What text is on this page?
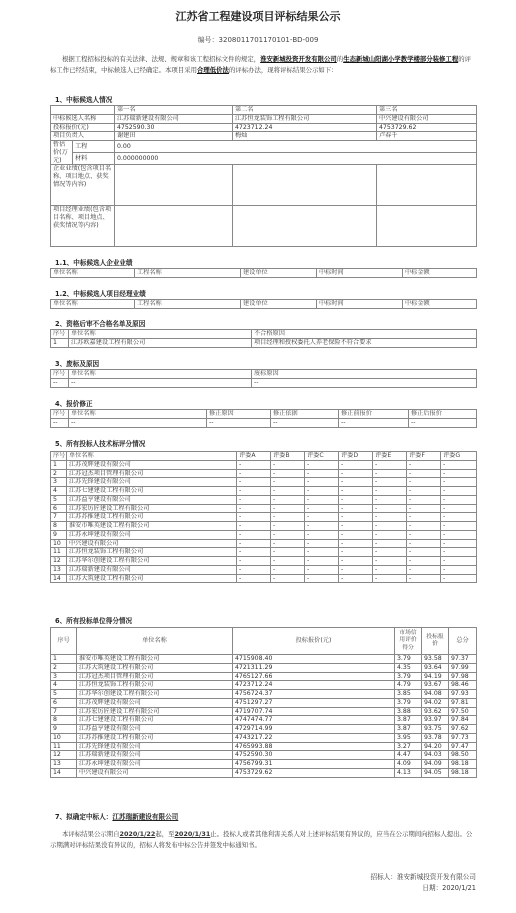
江苏省工程建设项目评标结果公示
编号：3208011701170101-BD-009
根据工程招标投标的有关法律、法规、规章和该工程招标文件的规定，淮安新城投资开发有限公司的生态新城山阳湖小学教学楼部分装修工程的评标工作已经结束，中标候选人已经确定。本项目采用合理低价法的评标办法，现将评标结果公示如下：
1、中标候选人情况
		第一名	第二名	第三名
中标候选人名称		江苏瑞新建设有限公司	江苏恒龙装饰工程有限公司	中兴建设有限公司
投标报价(元)		4752590.30	4723712.24	4753729.62
项目负责人		谢建田	梅灿	卢春千
暂估价(万元)	工程	0.00		
	材料	0.000000000		
企业业绩(包含项目名称、项目地点、获奖情况等内容)				
项目经理业绩(包含项目名称、项目地点、获奖情况等内容)				
1.1、中标候选人企业业绩
单位名称	工程名称	建设单位	中标时间	中标金额
1.2、中标候选人项目经理业绩
单位名称	工程名称	建设单位	中标时间	中标金额
2、资格后审不合格名单及原因
序号	单位名称	不合格原因
1	江苏欧嘉建设工程有限公司	项目经理和授权委托人养老保险不符合要求
3、废标及原因
序号	单位名称	废标原因
--	--	--
4、报价修正
序号	单位名称	修正原因	修正依据	修正前报价	修正后报价
--	--	--	--	--	--
5、所有投标人技术标评分情况
序号	单位名称	评委A	评委B	评委C	评委D	评委E	评委F	评委G
1	江苏茂辉建设有限公司	-	-	-	-	-	-	-
2	江苏冠杰项目管理有限公司	-	-	-	-	-	-	-
3	江苏先锋建设有限公司	-	-	-	-	-	-	-
4	江苏七建建设工程有限公司	-	-	-	-	-	-	-
5	江苏益亨建设有限公司	-	-	-	-	-	-	-
6	江苏宏厉匠建设工程有限公司	-	-	-	-	-	-	-
7	江苏苏推建设工程有限公司	-	-	-	-	-	-	-
8	淮安市唯英建设工程有限公司	-	-	-	-	-	-	-
9	江苏永坤建设有限公司	-	-	-	-	-	-	-
10	中兴建设有限公司	-	-	-	-	-	-	-
11	江苏恒龙装饰工程有限公司	-	-	-	-	-	-	-
12	江苏华尔创建设工程有限公司	-	-	-	-	-	-	-
13	江苏瑞新建设有限公司	-	-	-	-	-	-	-
14	江苏大筑建设工程有限公司	-	-	-	-	-	-	-
6、所有投标单位得分情况
序号	单位名称	投标报价(元)	市场信用评价得分	投标报价	总分
1	淮安市唯英建设工程有限公司	4715908.40	3.79	93.58	97.37
2	江苏大筑建设工程有限公司	4721311.29	4.35	93.64	97.99
3	江苏冠杰项目管理有限公司	4765127.66	3.79	94.19	97.98
4	江苏恒龙装饰工程有限公司	4723712.24	4.79	93.67	98.46
5	江苏华尔创建设工程有限公司	4756724.37	3.85	94.08	97.93
6	江苏茂辉建设有限公司	4751297.27	3.79	94.02	97.81
7	江苏宏厉匠建设工程有限公司	4719707.74	3.88	93.62	97.50
8	江苏七建建设工程有限公司	4747474.77	3.87	93.97	97.84
9	江苏益亨建设有限公司	4729714.99	3.87	93.75	97.62
10	江苏苏推建设工程有限公司	4743217.22	3.95	93.78	97.73
11	江苏先锋建设有限公司	4765993.88	3.27	94.20	97.47
12	江苏瑞新建设有限公司	4752590.30	4.47	94.03	98.50
13	江苏永坤建设有限公司	4756799.31	4.09	94.09	98.18
14	中兴建设有限公司	4753729.62	4.13	94.05	98.18
7、拟确定中标人：江苏瑞新建设有限公司
本评标结果公示期自2020/1/22起，至2020/1/31止。投标人或者其他利害关系人对上述评标结果有异议的，应当在公示期间向招标人提出。公示期满对评标结果没有异议的，招标人将发布中标公告并签发中标通知书。
招标人：淮安新城投资开发有限公司
日期：2020/1/21
